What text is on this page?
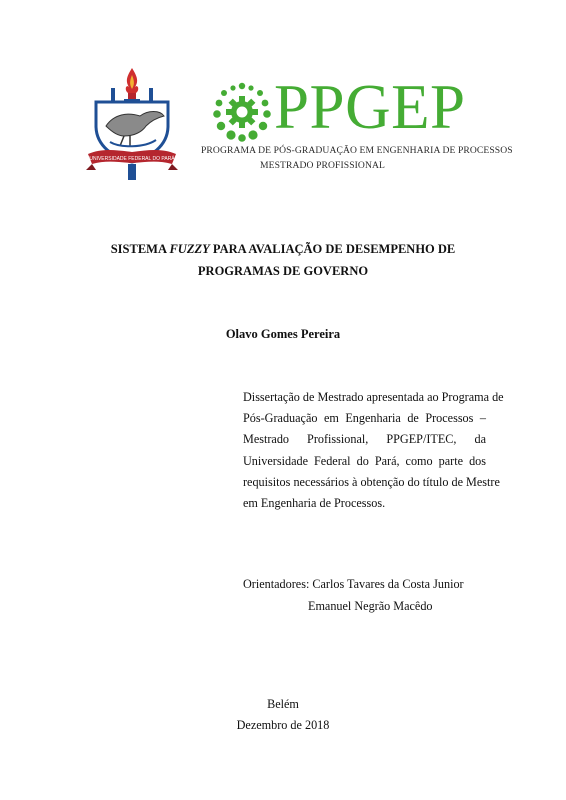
UNIVERSIDADE FEDERAL DO PARÁ
PPGEP
PROGRAMA DE PÓS-GRADUAÇÃO EM ENGENHARIA DE PROCESSOS
MESTRADO PROFISSIONAL
SISTEMA FUZZY PARA AVALIAÇÃO DE DESEMPENHO DE PROGRAMAS DE GOVERNO
Olavo Gomes Pereira
Dissertação de Mestrado apresentada ao Programa de
Pós-Graduação em Engenharia de Processos –
Mestrado Profissional, PPGEP/ITEC, da
Universidade Federal do Pará, como parte dos
requisitos necessários à obtenção do título de Mestre
em Engenharia de Processos.
Orientadores: Carlos Tavares da Costa Junior
Emanuel Negrão Macêdo
Belém
Dezembro de 2018
